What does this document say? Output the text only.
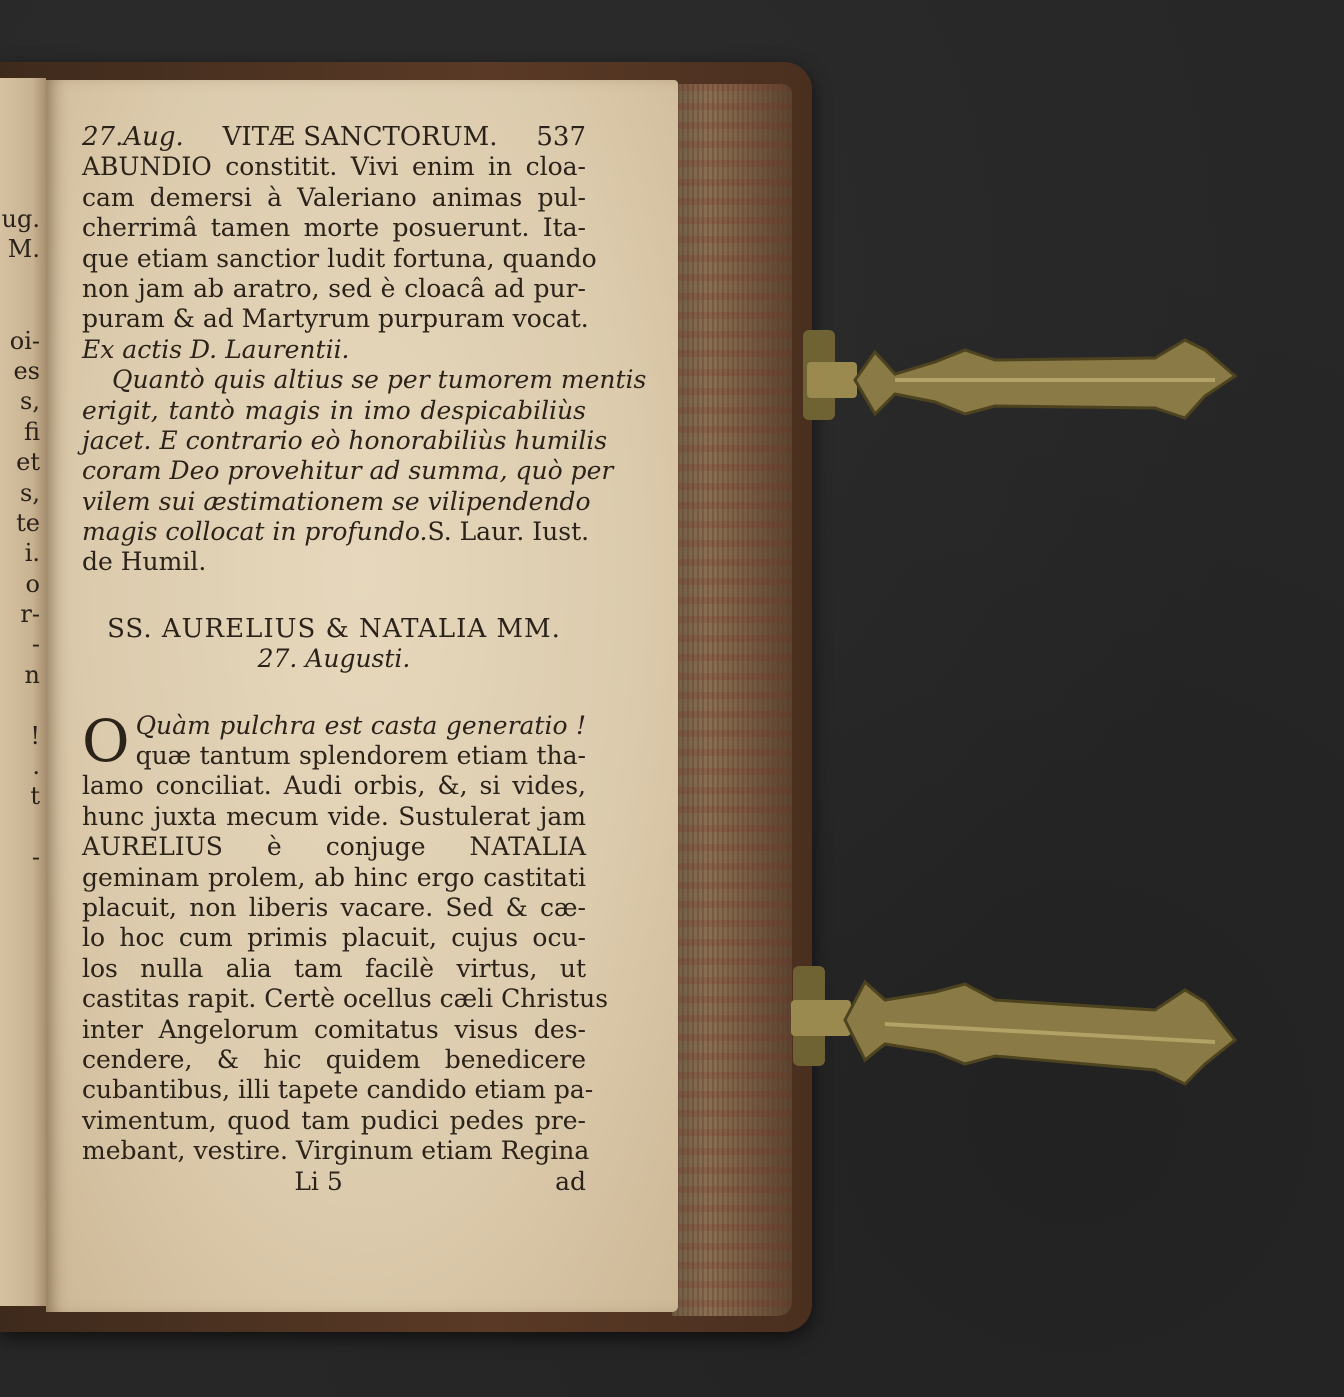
ug.
M.
oi-
es
s,
fi
et
s,
te
i.
o
r-
-
n
!
.
t
-
27.Aug. VITÆ SANCTORUM. 537
ABUNDIO constitit. Vivi enim in cloa-
cam demersi à Valeriano animas pul-
cherrimâ tamen morte posuerunt. Ita-
que etiam sanctior ludit fortuna, quando
non jam ab aratro, sed è cloacâ ad pur-
puram & ad Martyrum purpuram vocat.
Ex actis D. Laurentii.
Quantò quis altius se per tumorem mentis
erigit, tantò magis in imo despicabiliùs
jacet. E contrario eò honorabiliùs humilis
coram Deo provehitur ad summa, quò per
vilem sui æstimationem se vilipendendo
magis collocat in profundo. S. Laur. Iust.
de Humil.
SS. AURELIUS & NATALIA MM.
27. Augusti.
O Quàm pulchra est casta generatio !
quæ tantum splendorem etiam tha-
lamo conciliat. Audi orbis, &, si vides,
hunc juxta mecum vide. Sustulerat jam
AURELIUS è conjuge NATALIA
geminam prolem, ab hinc ergo castitati
placuit, non liberis vacare. Sed & cæ-
lo hoc cum primis placuit, cujus ocu-
los nulla alia tam facilè virtus, ut
castitas rapit. Certè ocellus cæli Christus
inter Angelorum comitatus visus des-
cendere, & hic quidem benedicere
cubantibus, illi tapete candido etiam pa-
vimentum, quod tam pudici pedes pre-
mebant, vestire. Virginum etiam Regina
Li 5	ad
